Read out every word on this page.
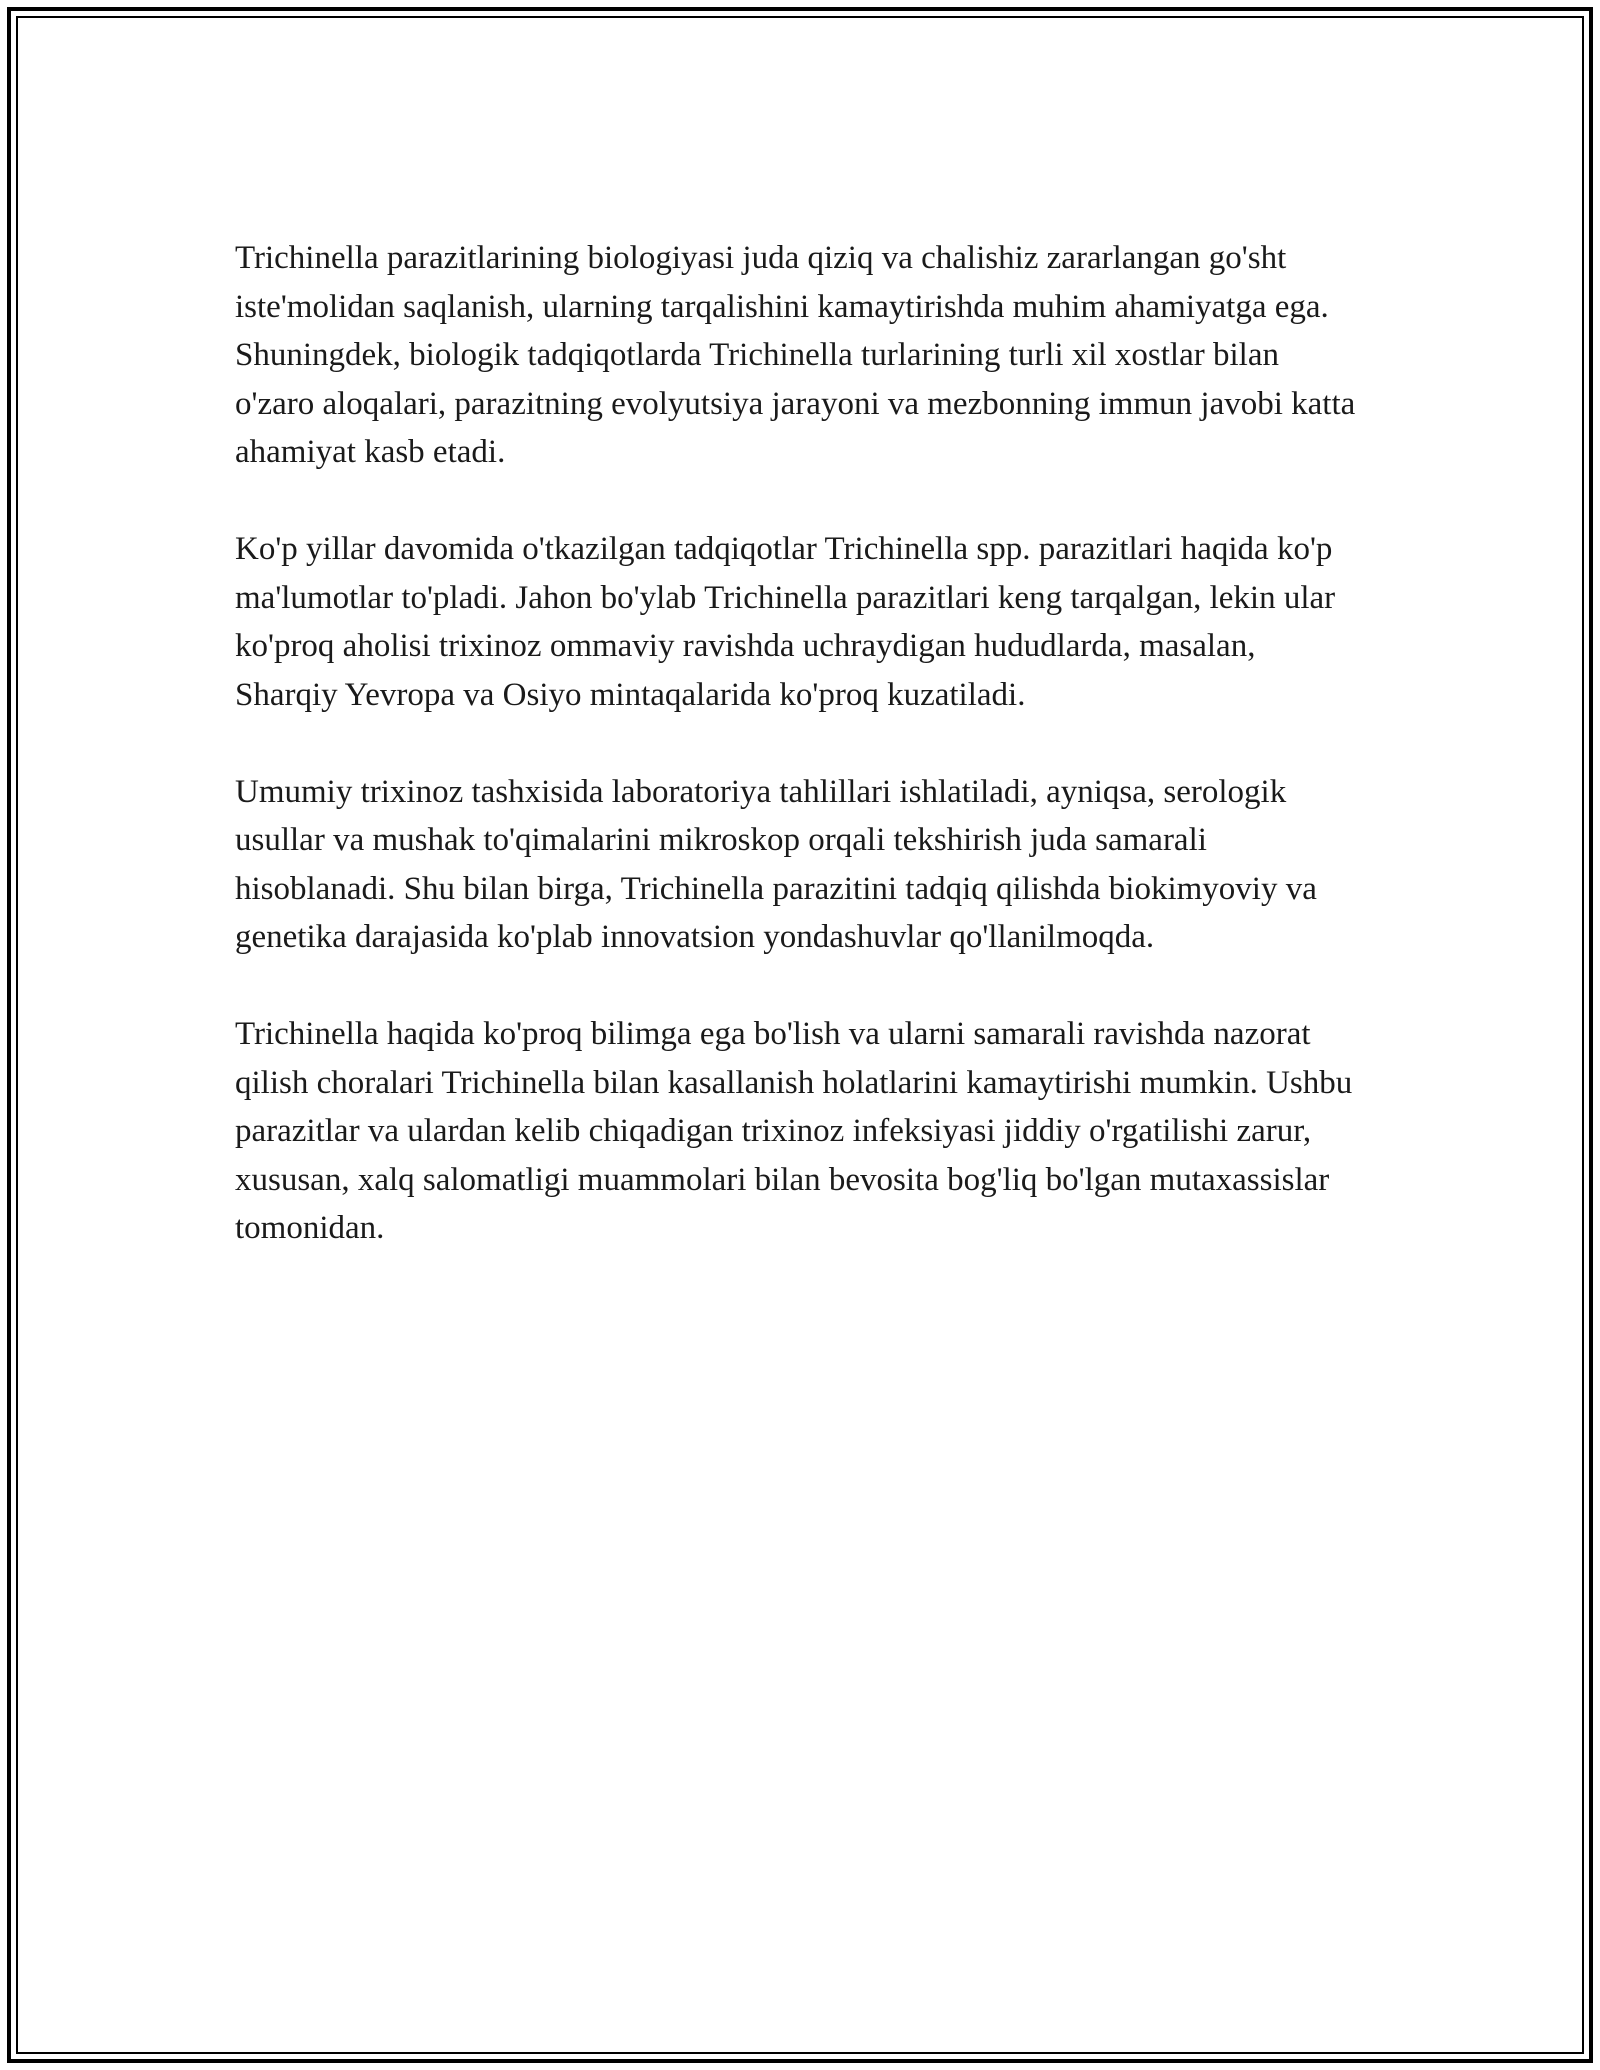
Trichinella parazitlarining biologiyasi juda qiziq va chalishiz zararlangan go'sht iste'molidan saqlanish, ularning tarqalishini kamaytirishda muhim ahamiyatga ega. Shuningdek, biologik tadqiqotlarda Trichinella turlarining turli xil xostlar bilan o'zaro aloqalari, parazitning evolyutsiya jarayoni va mezbonning immun javobi katta ahamiyat kasb etadi.

Ko'p yillar davomida o'tkazilgan tadqiqotlar Trichinella spp. parazitlari haqida ko'p ma'lumotlar to'pladi. Jahon bo'ylab Trichinella parazitlari keng tarqalgan, lekin ular ko'proq aholisi trixinoz ommaviy ravishda uchraydigan hududlarda, masalan, Sharqiy Yevropa va Osiyo mintaqalarida ko'proq kuzatiladi.

Umumiy trixinoz tashxisida laboratoriya tahlillari ishlatiladi, ayniqsa, serologik usullar va mushak to'qimalarini mikroskop orqali tekshirish juda samarali hisoblanadi. Shu bilan birga, Trichinella parazitini tadqiq qilishda biokimyoviy va genetika darajasida ko'plab innovatsion yondashuvlar qo'llanilmoqda.

Trichinella haqida ko'proq bilimga ega bo'lish va ularni samarali ravishda nazorat qilish choralari Trichinella bilan kasallanish holatlarini kamaytirishi mumkin. Ushbu parazitlar va ulardan kelib chiqadigan trixinoz infeksiyasi jiddiy o'rgatilishi zarur, xususan, xalq salomatligi muammolari bilan bevosita bog'liq bo'lgan mutaxassislar tomonidan.
